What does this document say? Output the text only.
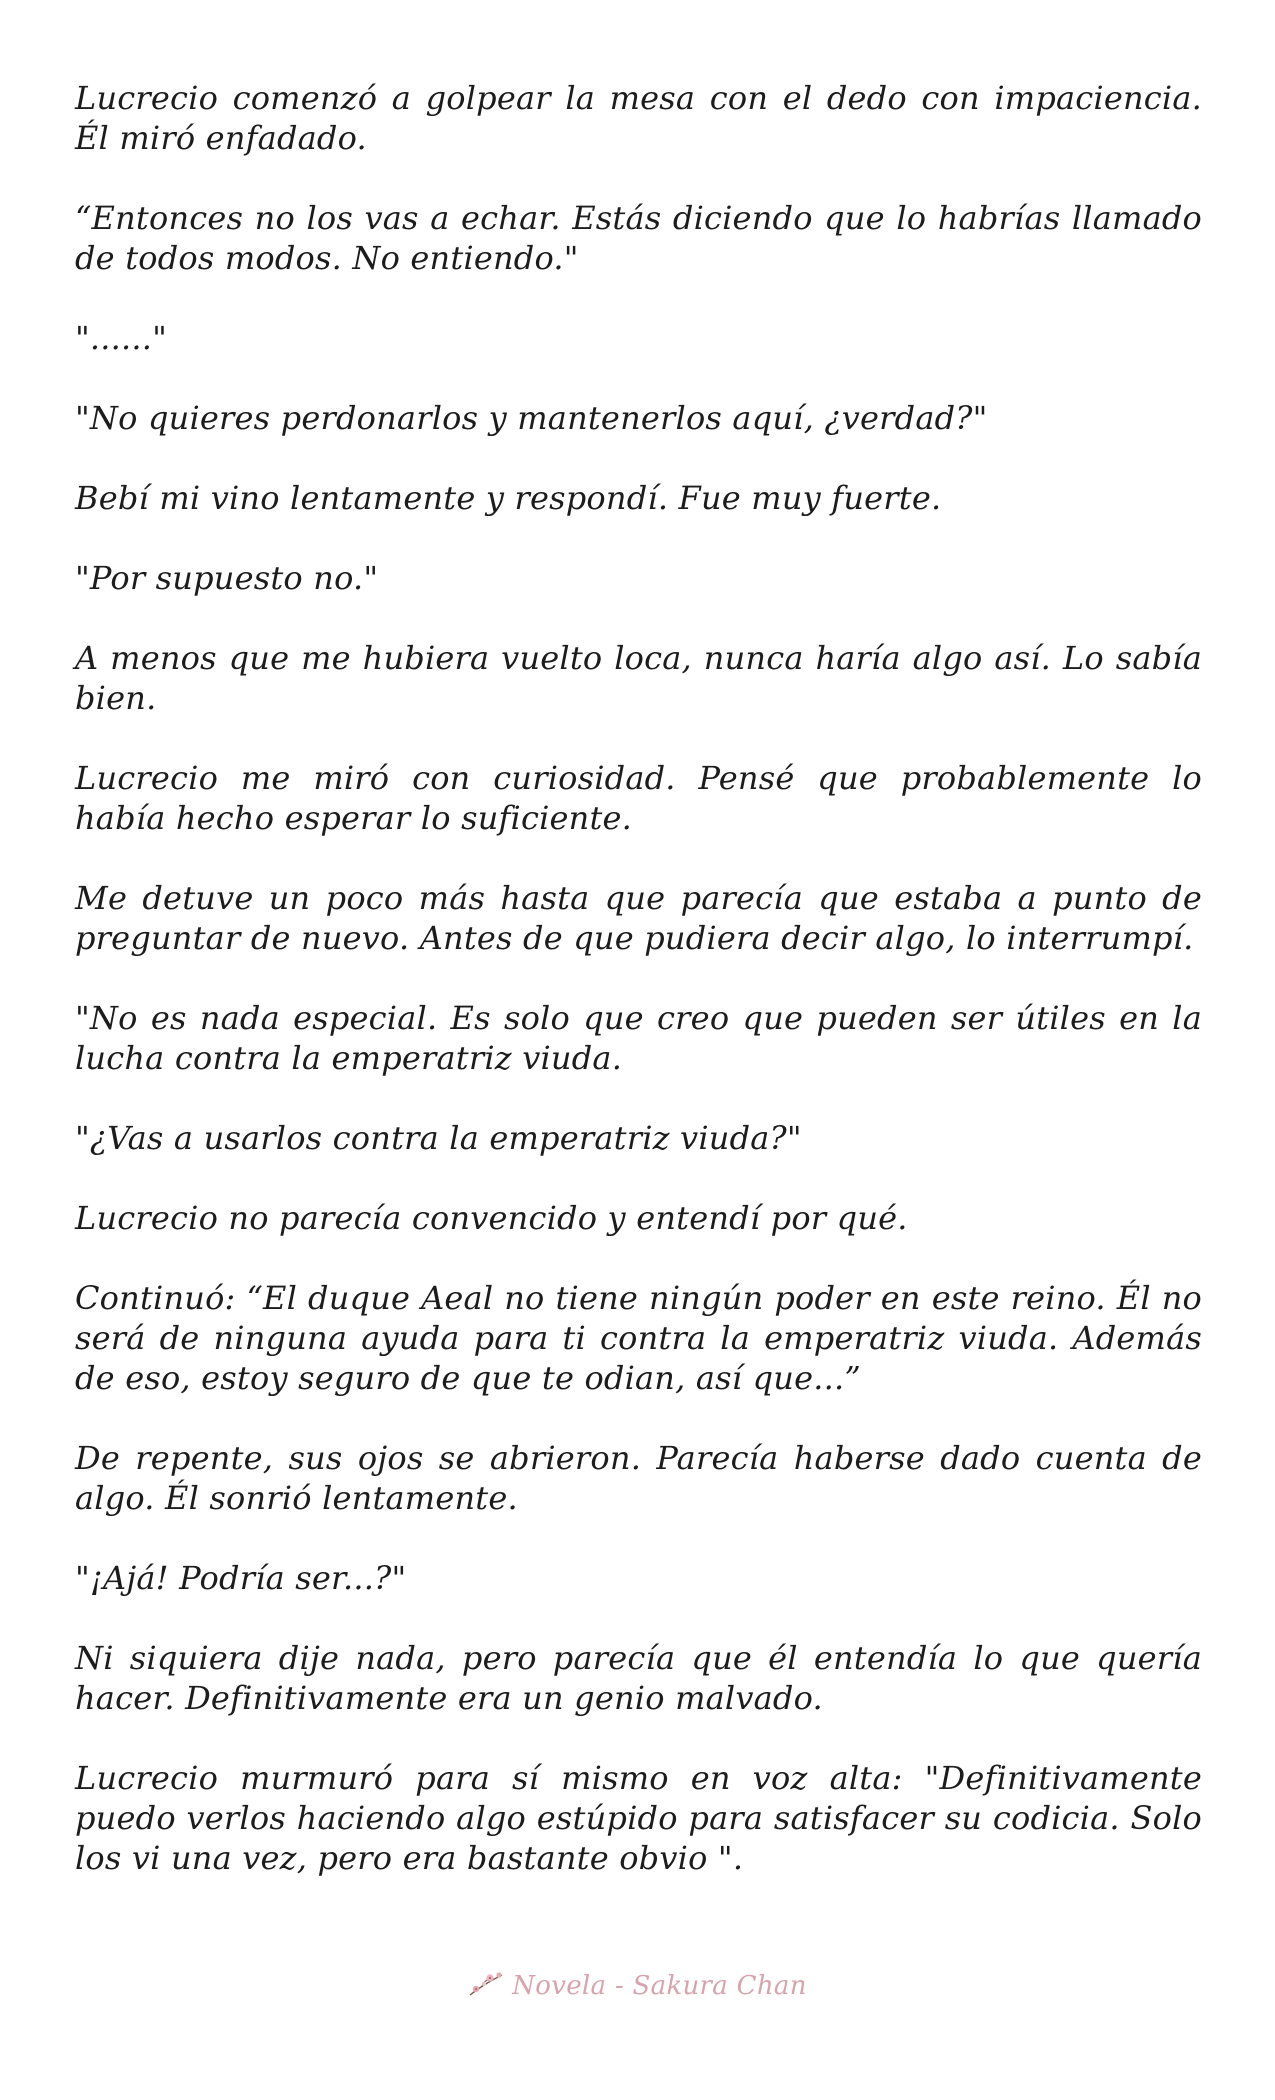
Lucrecio comenzó a golpear la mesa con el dedo con impaciencia. Él miró enfadado.

“Entonces no los vas a echar. Estás diciendo que lo habrías llamado de todos modos. No entiendo."

"......"

"No quieres perdonarlos y mantenerlos aquí, ¿verdad?"

Bebí mi vino lentamente y respondí. Fue muy fuerte.

"Por supuesto no."

A menos que me hubiera vuelto loca, nunca haría algo así. Lo sabía bien.

Lucrecio me miró con curiosidad. Pensé que probablemente lo había hecho esperar lo suficiente.

Me detuve un poco más hasta que parecía que estaba a punto de preguntar de nuevo. Antes de que pudiera decir algo, lo interrumpí.

"No es nada especial. Es solo que creo que pueden ser útiles en la lucha contra la emperatriz viuda.

"¿Vas a usarlos contra la emperatriz viuda?"

Lucrecio no parecía convencido y entendí por qué.

Continuó: “El duque Aeal no tiene ningún poder en este reino. Él no será de ninguna ayuda para ti contra la emperatriz viuda. Además de eso, estoy seguro de que te odian, así que...”

De repente, sus ojos se abrieron. Parecía haberse dado cuenta de algo. Él sonrió lentamente.

"¡Ajá! Podría ser...?"

Ni siquiera dije nada, pero parecía que él entendía lo que quería hacer. Definitivamente era un genio malvado.

Lucrecio murmuró para sí mismo en voz alta: "Definitivamente puedo verlos haciendo algo estúpido para satisfacer su codicia. Solo los vi una vez, pero era bastante obvio ".

Novela - Sakura Chan
